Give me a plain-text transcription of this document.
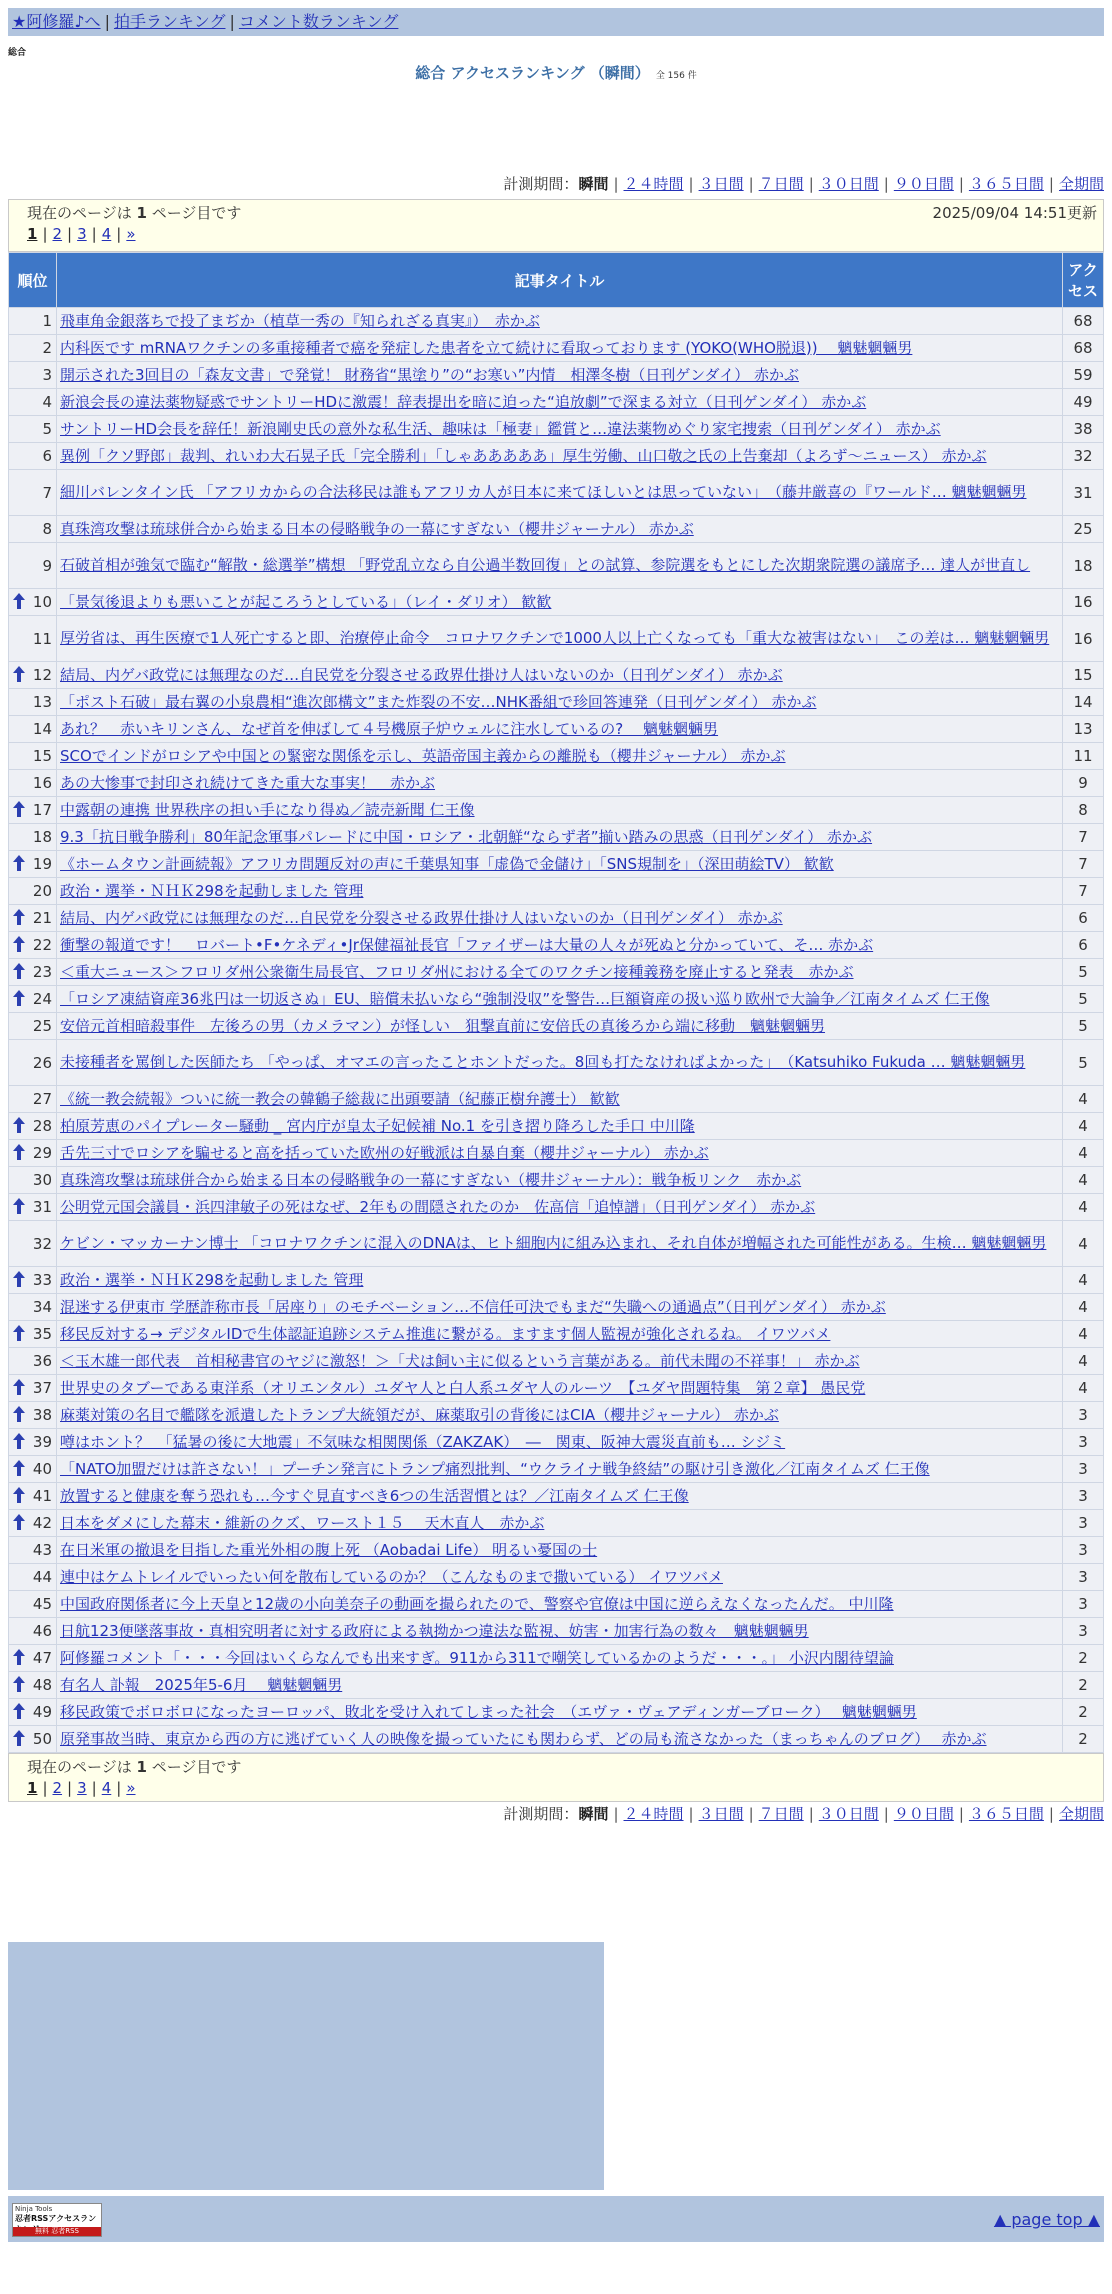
★阿修羅♪へ | 拍手ランキング | コメント数ランキング
総合
総合 アクセスランキング （瞬間） 全 156 件
計測期間：瞬間 | ２４時間 | ３日間 | ７日間 | ３０日間 | ９０日間 | ３６５日間 | 全期間
現在のページは 1 ページ目です	2025/09/04 14:51更新
1 | 2 | 3 | 4 | »
順位	記事タイトル	アクセス
1	飛車角金銀落ちで投了まぢか（植草一秀の『知られざる真実』）　赤かぶ	68
2	内科医です mRNAワクチンの多重接種者で癌を発症した患者を立て続けに看取っております (YOKO(WHO脱退))　 魑魅魍魎男	68
3	開示された3回目の「森友文書」で発覚！ 財務省“黒塗り”の“お寒い”内情　相澤冬樹（日刊ゲンダイ） 赤かぶ	59
4	新浪会長の違法薬物疑惑でサントリーHDに激震！辞表提出を暗に迫った“追放劇”で深まる対立（日刊ゲンダイ） 赤かぶ	49
5	サントリーHD会長を辞任！新浪剛史氏の意外な私生活、趣味は「極妻」鑑賞と…違法薬物めぐり家宅捜索（日刊ゲンダイ） 赤かぶ	38
6	異例「クソ野郎」裁判、れいわ大石晃子氏「完全勝利」「しゃあああああ」厚生労働、山口敬之氏の上告棄却（よろず～ニュース） 赤かぶ	32
7	細川バレンタイン氏 「アフリカからの合法移民は誰もアフリカ人が日本に来てほしいとは思っていない」　（藤井厳喜の『ワールド… 魑魅魍魎男	31
8	真珠湾攻撃は琉球併合から始まる日本の侵略戦争の一幕にすぎない（櫻井ジャーナル） 赤かぶ	25
9	石破首相が強気で臨む“解散・総選挙”構想 「野党乱立なら自公過半数回復」との試算、参院選をもとにした次期衆院選の議席予… 達人が世直し	18

10	「景気後退よりも悪いことが起ころうとしている」（レイ・ダリオ） 歓歓	16
11	厚労省は、再生医療で1人死亡すると即、治療停止命令　コロナワクチンで1000人以上亡くなっても「重大な被害はない」　この差は… 魑魅魍魎男	16

12	結局、内ゲバ政党には無理なのだ…自民党を分裂させる政界仕掛け人はいないのか（日刊ゲンダイ） 赤かぶ	15
13	「ポスト石破」最右翼の小泉農相“進次郎構文”また炸裂の不安…NHK番組で珍回答連発（日刊ゲンダイ） 赤かぶ	14
14	あれ？　赤いキリンさん、なぜ首を伸ばして４号機原子炉ウェルに注水しているの?　 魑魅魍魎男	13
15	SCOでインドがロシアや中国との緊密な関係を示し、英語帝国主義からの離脱も（櫻井ジャーナル） 赤かぶ	11
16	あの大惨事で封印され続けてきた重大な事実！　赤かぶ	9

17	中露朝の連携 世界秩序の担い手になり得ぬ／読売新聞 仁王像	8
18	9.3「抗日戦争勝利」80年記念軍事パレードに中国・ロシア・北朝鮮“ならず者”揃い踏みの思惑（日刊ゲンダイ） 赤かぶ	7

19	《ホームタウン計画続報》アフリカ問題反対の声に千葉県知事「虚偽で金儲け」「SNS規制を」（深田萌絵TV） 歓歓	7
20	政治・選挙・ＮＨＫ298を起動しました 管理	7

21	結局、内ゲバ政党には無理なのだ…自民党を分裂させる政界仕掛け人はいないのか（日刊ゲンダイ） 赤かぶ	6

22	衝撃の報道です！　ロバート•F•ケネディ•Jr保健福祉長官「ファイザーは大量の人々が死ぬと分かっていて、そ… 赤かぶ	6

23	＜重大ニュース＞フロリダ州公衆衛生局長官、フロリダ州における全てのワクチン接種義務を廃止すると発表　赤かぶ	5

24	「ロシア凍結資産36兆円は一切返さぬ」EU、賠償未払いなら“強制没収”を警告…巨額資産の扱い巡り欧州で大論争／江南タイムズ 仁王像	5
25	安倍元首相暗殺事件　左後ろの男（カメラマン）が怪しい　狙撃直前に安倍氏の真後ろから端に移動　魑魅魍魎男	5
26	未接種者を罵倒した医師たち 「やっぱ、オマエの言ったことホントだった。8回も打たなければよかった」　（Katsuhiko Fukuda … 魑魅魍魎男	5
27	《統一教会続報》ついに統一教会の韓鶴子総裁に出頭要請（紀藤正樹弁護士） 歓歓	4

28	柏原芳恵のパイプレーター騒動 _ 宮内庁が皇太子妃候補 No.1 を引き摺り降ろした手口 中川隆	4

29	舌先三寸でロシアを騙せると高を括っていた欧州の好戦派は自暴自棄（櫻井ジャーナル） 赤かぶ	4
30	真珠湾攻撃は琉球併合から始まる日本の侵略戦争の一幕にすぎない（櫻井ジャーナル）：戦争板リンク　赤かぶ	4

31	公明党元国会議員・浜四津敏子の死はなぜ、2年もの間隠されたのか　佐高信「追悼譜」（日刊ゲンダイ） 赤かぶ	4
32	ケビン・マッカーナン博士 「コロナワクチンに混入のDNAは、ヒト細胞内に組み込まれ、それ自体が増幅された可能性がある。生検… 魑魅魍魎男	4

33	政治・選挙・ＮＨＫ298を起動しました 管理	4
34	混迷する伊東市 学歴詐称市長「居座り」のモチベーション…不信任可決でもまだ“失職への通過点”（日刊ゲンダイ） 赤かぶ	4

35	移民反対する→ デジタルIDで生体認証追跡システム推進に繋がる。ますます個人監視が強化されるね。 イワツバメ	4
36	＜玉木雄一郎代表　首相秘書官のヤジに激怒！＞「犬は飼い主に似るという言葉がある。前代未聞の不祥事！」 赤かぶ	4

37	世界史のタブーである東洋系（オリエンタル）ユダヤ人と白人系ユダヤ人のルーツ　【ユダヤ問題特集　第２章】 愚民党	4

38	麻薬対策の名目で艦隊を派遣したトランプ大統領だが、麻薬取引の背後にはCIA（櫻井ジャーナル） 赤かぶ	3

39	噂はホント？　「猛暑の後に大地震」不気味な相関関係（ZAKZAK）　―　関東、阪神大震災直前も… シジミ	3

40	「NATO加盟だけは許さない！」プーチン発言にトランプ痛烈批判、“ウクライナ戦争終結”の駆け引き激化／江南タイムズ 仁王像	3

41	放置すると健康を奪う恐れも…今すぐ見直すべき6つの生活習慣とは？／江南タイムズ 仁王像	3

42	日本をダメにした幕末・維新のクズ、ワースト１５　 天木直人　赤かぶ	3
43	在日米軍の撤退を目指した重光外相の腹上死 （Aobadai Life） 明るい憂国の士	3
44	連中はケムトレイルでいったい何を散布しているのか？（こんなものまで撒いている） イワツバメ	3
45	中国政府関係者に今上天皇と12歳の小向美奈子の動画を撮られたので、警察や官僚は中国に逆らえなくなったんだ。 中川隆	3
46	日航123便墜落事故・真相究明者に対する政府による執拗かつ違法な監視、妨害・加害行為の数々　魑魅魍魎男	3

47	阿修羅コメント「・・・今回はいくらなんでも出来すぎ。911から311で嘲笑しているかのようだ・・・。」 小沢内閣待望論	2

48	有名人 訃報　2025年5-6月　 魑魅魍魎男	2

49	移民政策でボロボロになったヨーロッパ、敗北を受け入れてしまった社会　（エヴァ・ヴェアディンガーブローク）　 魑魅魍魎男	2

50	原発事故当時、東京から西の方に逃げていく人の映像を撮っていたにも関わらず、どの局も流さなかった（まっちゃんのブログ）　 赤かぶ	2
現在のページは 1 ページ目です
1 | 2 | 3 | 4 | »
計測期間：瞬間 | ２４時間 | ３日間 | ７日間 | ３０日間 | ９０日間 | ３６５日間 | 全期間
Ninja Tools
忍者RSSアクセスラン
無料 忍者RSS
▲ page top ▲
